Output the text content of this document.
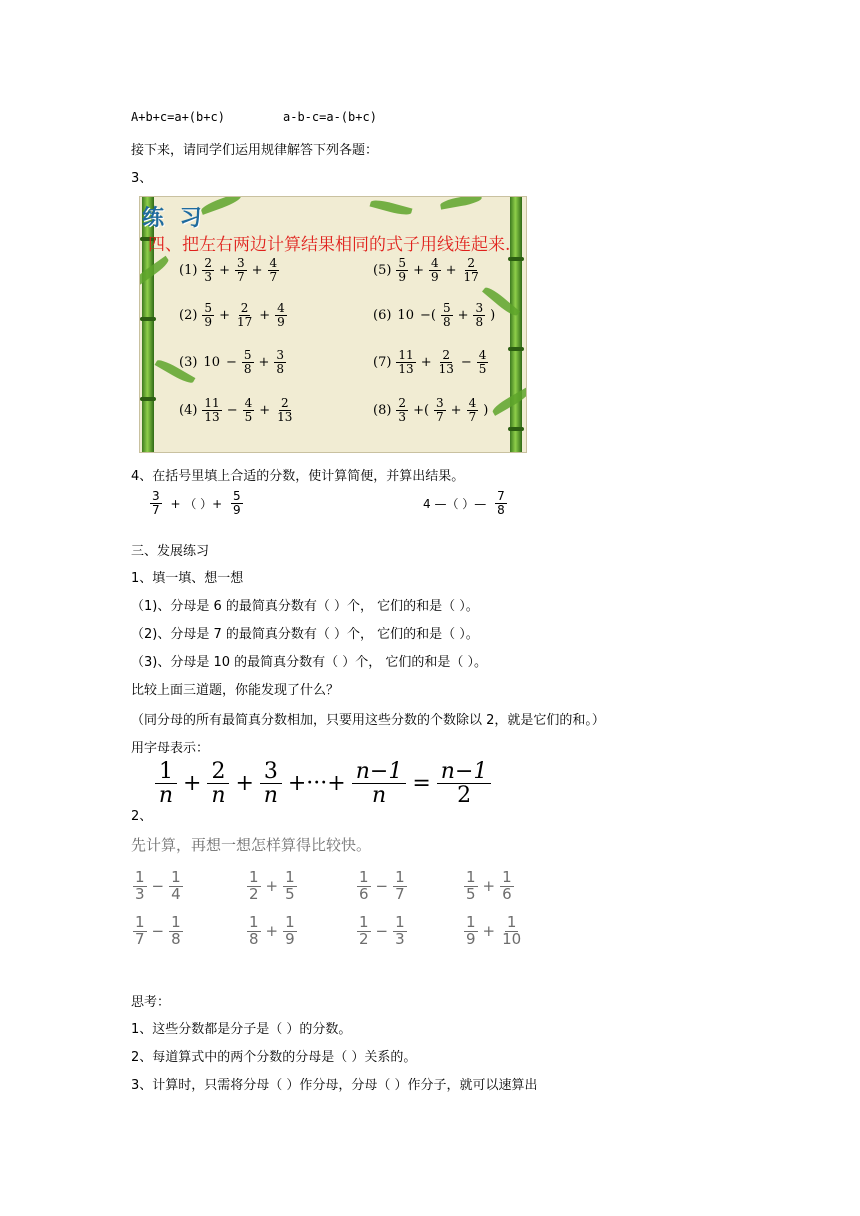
A+b+c=a+(b+c)	a-b-c=a-(b+c)
接下来，请同学们运用规律解答下列各题：
3、
练 习
四、把左右两边计算结果相同的式子用线连起来.
$(1) \frac{2}{3} + \frac{3}{7} + \frac{4}{7}$
$(2) \frac{5}{9} + \frac{2}{17} + \frac{4}{9}$
(3) $10 - \frac{5}{8} + \frac{3}{8}$
$(4) \frac{11}{13} - \frac{4}{5} + \frac{2}{13}$
$(5) \frac{5}{9} + \frac{4}{9} + \frac{2}{17}$
(6) 10 −( $\frac{5}{8} + \frac{3}{8}$ )
$(7) \frac{11}{13} + \frac{2}{13} - \frac{4}{5}$
$(8) \frac{2}{3}$ +( $\frac{3}{7} + \frac{4}{7}$ )
4、在括号里填上合适的分数，使计算简便，并算出结果。
$\frac{3}{7}$ + （ ）+ $\frac{5}{9}$	4 —（ ）— $\frac{7}{8}$
三、发展练习
1、填一填、想一想
（1)、分母是 6 的最简真分数有（ ）个， 它们的和是（ ）。
（2)、分母是 7 的最简真分数有（ ）个， 它们的和是（ ）。
（3)、分母是 10 的最简真分数有（ ）个， 它们的和是（ ）。
比较上面三道题，你能发现了什么？
（同分母的所有最简真分数相加，只要用这些分数的个数除以 2，就是它们的和。）
用字母表示：
$\frac{1}{n} + \frac{2}{n} + \frac{3}{n}$ +···+ $\frac{n-1}{n} = \frac{n-1}{2}$
2、
先计算，再想一想怎样算得比较快。
$\frac{1}{3} - \frac{1}{4}$	$\frac{1}{2} + \frac{1}{5}$	$\frac{1}{6} - \frac{1}{7}$	$\frac{1}{5} + \frac{1}{6}$
$\frac{1}{7} - \frac{1}{8}$	$\frac{1}{8} + \frac{1}{9}$	$\frac{1}{2} - \frac{1}{3}$	$\frac{1}{9} + \frac{1}{10}$
思考：
1、这些分数都是分子是（ ）的分数。
2、每道算式中的两个分数的分母是（ ）关系的。
3、计算时，只需将分母（ ）作分母，分母（ ）作分子，就可以速算出
